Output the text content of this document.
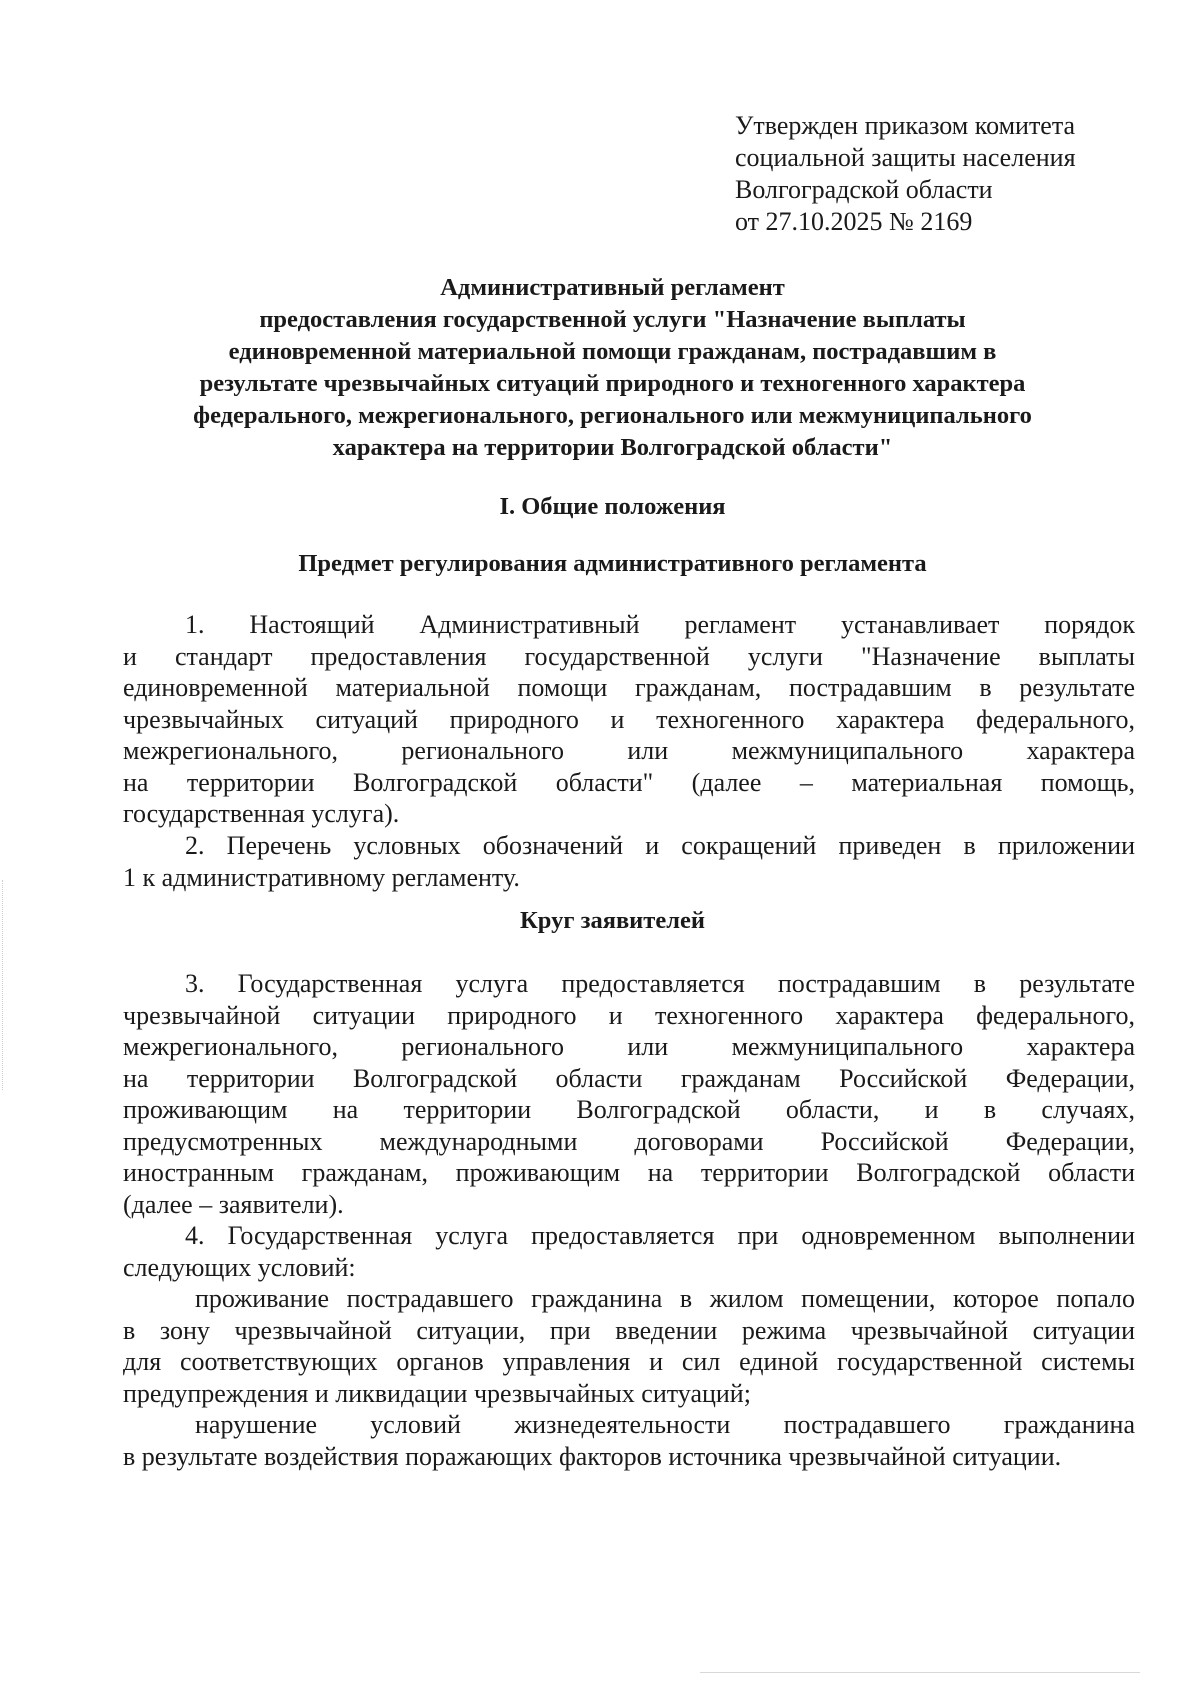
Утвержден приказом комитета
социальной защиты населения
Волгоградской области
от 27.10.2025 № 2169
Административный регламент
предоставления государственной услуги "Назначение выплаты
единовременной материальной помощи гражданам, пострадавшим в
результате чрезвычайных ситуаций природного и техногенного характера
федерального, межрегионального, регионального или межмуниципального
характера на территории Волгоградской области"
I. Общие положения
Предмет регулирования административного регламента
1. Настоящий Административный регламент устанавливает порядок
и стандарт предоставления государственной услуги "Назначение выплаты
единовременной материальной помощи гражданам, пострадавшим в результате
чрезвычайных ситуаций природного и техногенного характера федерального,
межрегионального, регионального или межмуниципального характера
на территории Волгоградской области" (далее – материальная помощь,
государственная услуга).
2. Перечень условных обозначений и сокращений приведен в приложении
1 к административному регламенту.
Круг заявителей
3. Государственная услуга предоставляется пострадавшим в результате
чрезвычайной ситуации природного и техногенного характера федерального,
межрегионального, регионального или межмуниципального характера
на территории Волгоградской области гражданам Российской Федерации,
проживающим на территории Волгоградской области, и в случаях,
предусмотренных международными договорами Российской Федерации,
иностранным гражданам, проживающим на территории Волгоградской области
(далее – заявители).
4. Государственная услуга предоставляется при одновременном выполнении
следующих условий:
проживание пострадавшего гражданина в жилом помещении, которое попало
в зону чрезвычайной ситуации, при введении режима чрезвычайной ситуации
для соответствующих органов управления и сил единой государственной системы
предупреждения и ликвидации чрезвычайных ситуаций;
нарушение условий жизнедеятельности пострадавшего гражданина
в результате воздействия поражающих факторов источника чрезвычайной ситуации.
